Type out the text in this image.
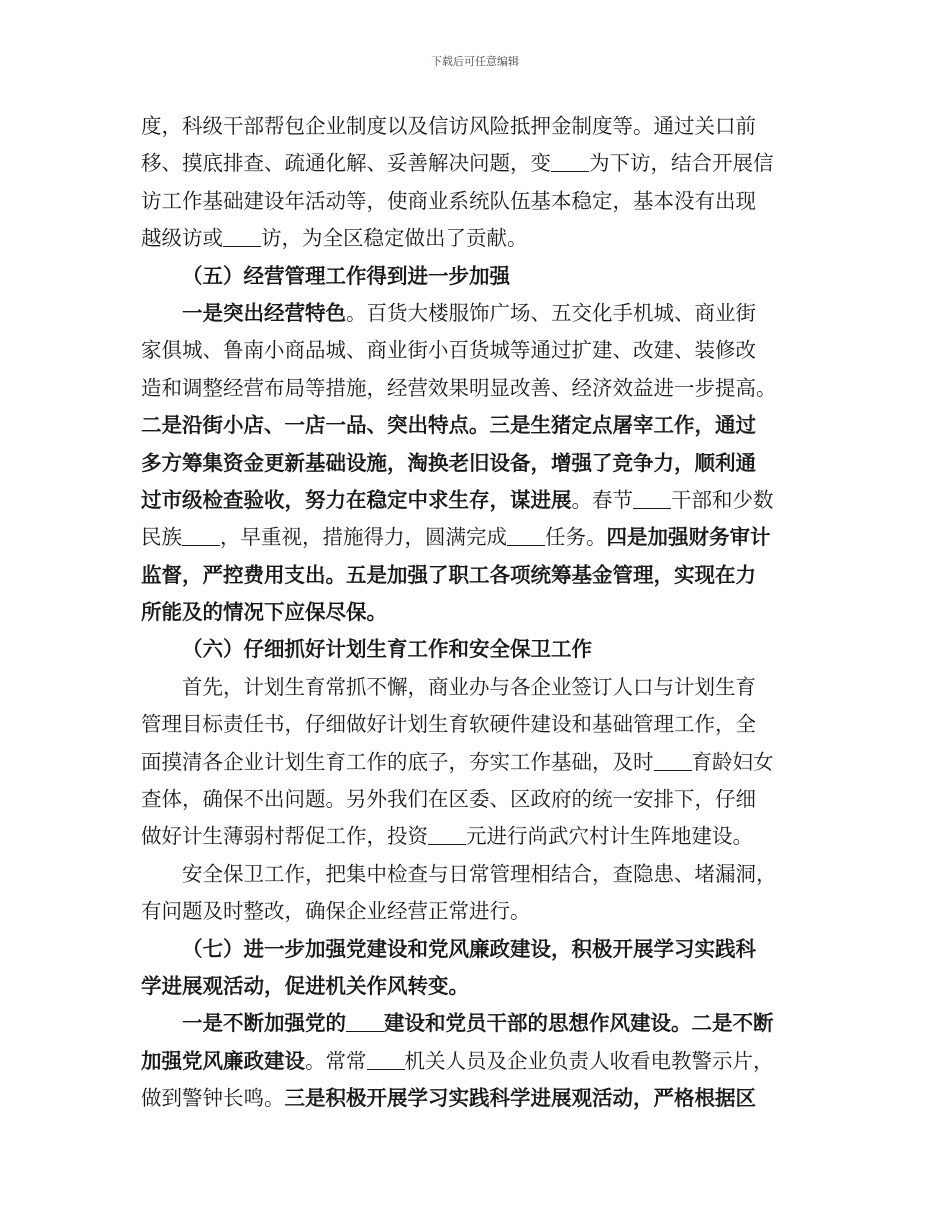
下载后可任意编辑
度，科级干部帮包企业制度以及信访风险抵押金制度等。通过关口前
移、摸底排查、疏通化解、妥善解决问题，变 为下访，结合开展信
访工作基础建设年活动等，使商业系统队伍基本稳定，基本没有出现
越级访或 访，为全区稳定做出了贡献。
（五）经营管理工作得到进一步加强
一是突出经营特色。百货大楼服饰广场、五交化手机城、商业街
家俱城、鲁南小商品城、商业街小百货城等通过扩建、改建、装修改
造和调整经营布局等措施，经营效果明显改善、经济效益进一步提高。
二是沿街小店、一店一品、突出特点。三是生猪定点屠宰工作，通过
多方筹集资金更新基础设施，淘换老旧设备，增强了竞争力，顺利通
过市级检查验收，努力在稳定中求生存，谋进展。春节 干部和少数
民族 ，早重视，措施得力，圆满完成 任务。四是加强财务审计
监督，严控费用支出。五是加强了职工各项统筹基金管理，实现在力
所能及的情况下应保尽保。
（六）仔细抓好计划生育工作和安全保卫工作
首先，计划生育常抓不懈，商业办与各企业签订人口与计划生育
管理目标责任书，仔细做好计划生育软硬件建设和基础管理工作，全
面摸清各企业计划生育工作的底子，夯实工作基础，及时 育龄妇女
查体，确保不出问题。另外我们在区委、区政府的统一安排下，仔细
做好计生薄弱村帮促工作，投资 元进行尚武穴村计生阵地建设。
安全保卫工作，把集中检查与日常管理相结合，查隐患、堵漏洞，
有问题及时整改，确保企业经营正常进行。
（七）进一步加强党建设和党风廉政建设，积极开展学习实践科
学进展观活动，促进机关作风转变。
一是不断加强党的 建设和党员干部的思想作风建设。二是不断
加强党风廉政建设。常常 机关人员及企业负责人收看电教警示片，
做到警钟长鸣。三是积极开展学习实践科学进展观活动，严格根据区
